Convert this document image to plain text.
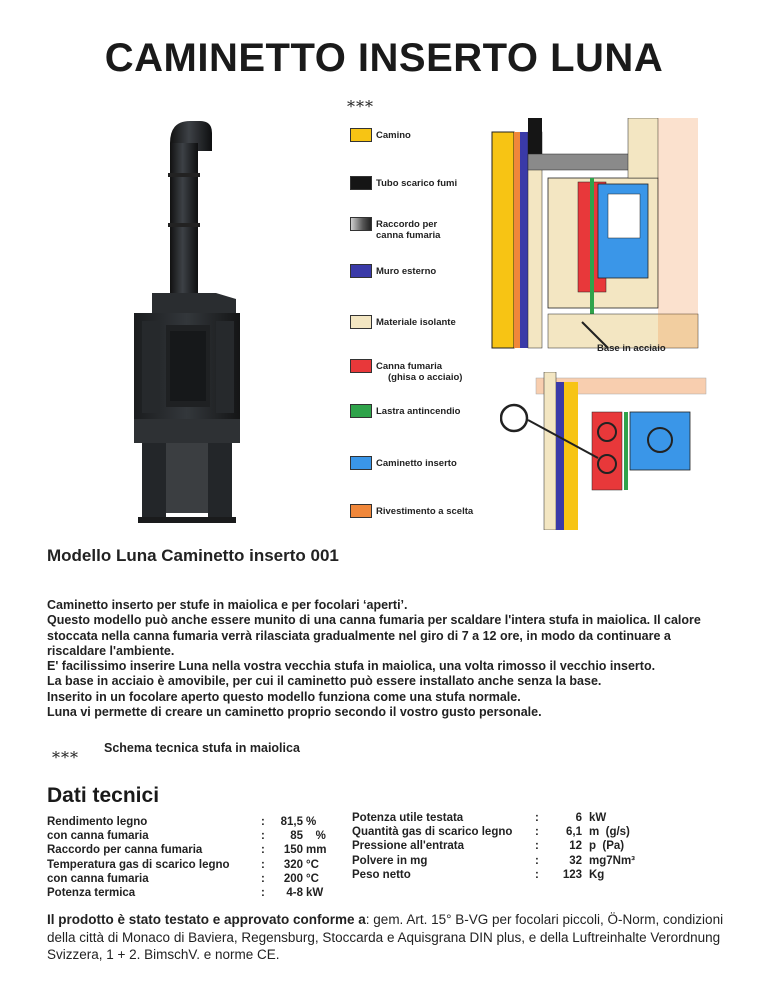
CAMINETTO INSERTO LUNA
***
Camino
Tubo scarico fumi
Raccordo per
canna fumaria
Muro esterno
Materiale isolante
Canna fumaria
(ghisa o acciaio)
Lastra antincendio
Caminetto inserto
Rivestimento a scelta
Base in acciaio
Modello Luna Caminetto inserto 001

Caminetto inserto per stufe in maiolica e per focolari ‘aperti’.

Questo modello può anche essere munito di una canna fumaria per scaldare l'intera stufa in maiolica. Il calore stoccata nella canna fumaria verrà rilasciata gradualmente nel giro di 7 a 12 ore, in modo da continuare a riscaldare l'ambiente.

E' facilissimo inserire Luna nella vostra vecchia stufa in maiolica, una volta rimosso il vecchio inserto.

La base in acciaio è amovibile, per cui il caminetto può essere installato anche senza la base.

Inserito in un focolare aperto questo modello funziona come una stufa normale.

Luna vi permette di creare un caminetto proprio secondo il vostro gusto personale.

Schema tecnica stufa in maiolica
***
Dati tecnici
Rendimento legno
con canna fumaria
Raccordo per canna fumaria
Temperatura gas di scarico legno
con canna fumaria
Potenza termica
:
:
:
:
:
:
81,5
85
150
320
200
4-8
%
%
mm
°C
°C
kW
Potenza utile testata
Quantità gas di scarico legno
Pressione all'entrata
Polvere in mg
Peso netto
:
:
:
:
:
6
6,1
12
32
123
kW
m  (g/s)
p  (Pa)
mg7Nm³
Kg
Il prodotto è stato testato e approvato conforme a: gem. Art. 15° B-VG per focolari piccoli, Ö-Norm, condizioni della città di Monaco di Baviera, Regensburg, Stoccarda e Aquisgrana DIN plus, e della Luftreinhalte Verordnung Svizzera, 1 + 2. BimschV. e norme CE.
